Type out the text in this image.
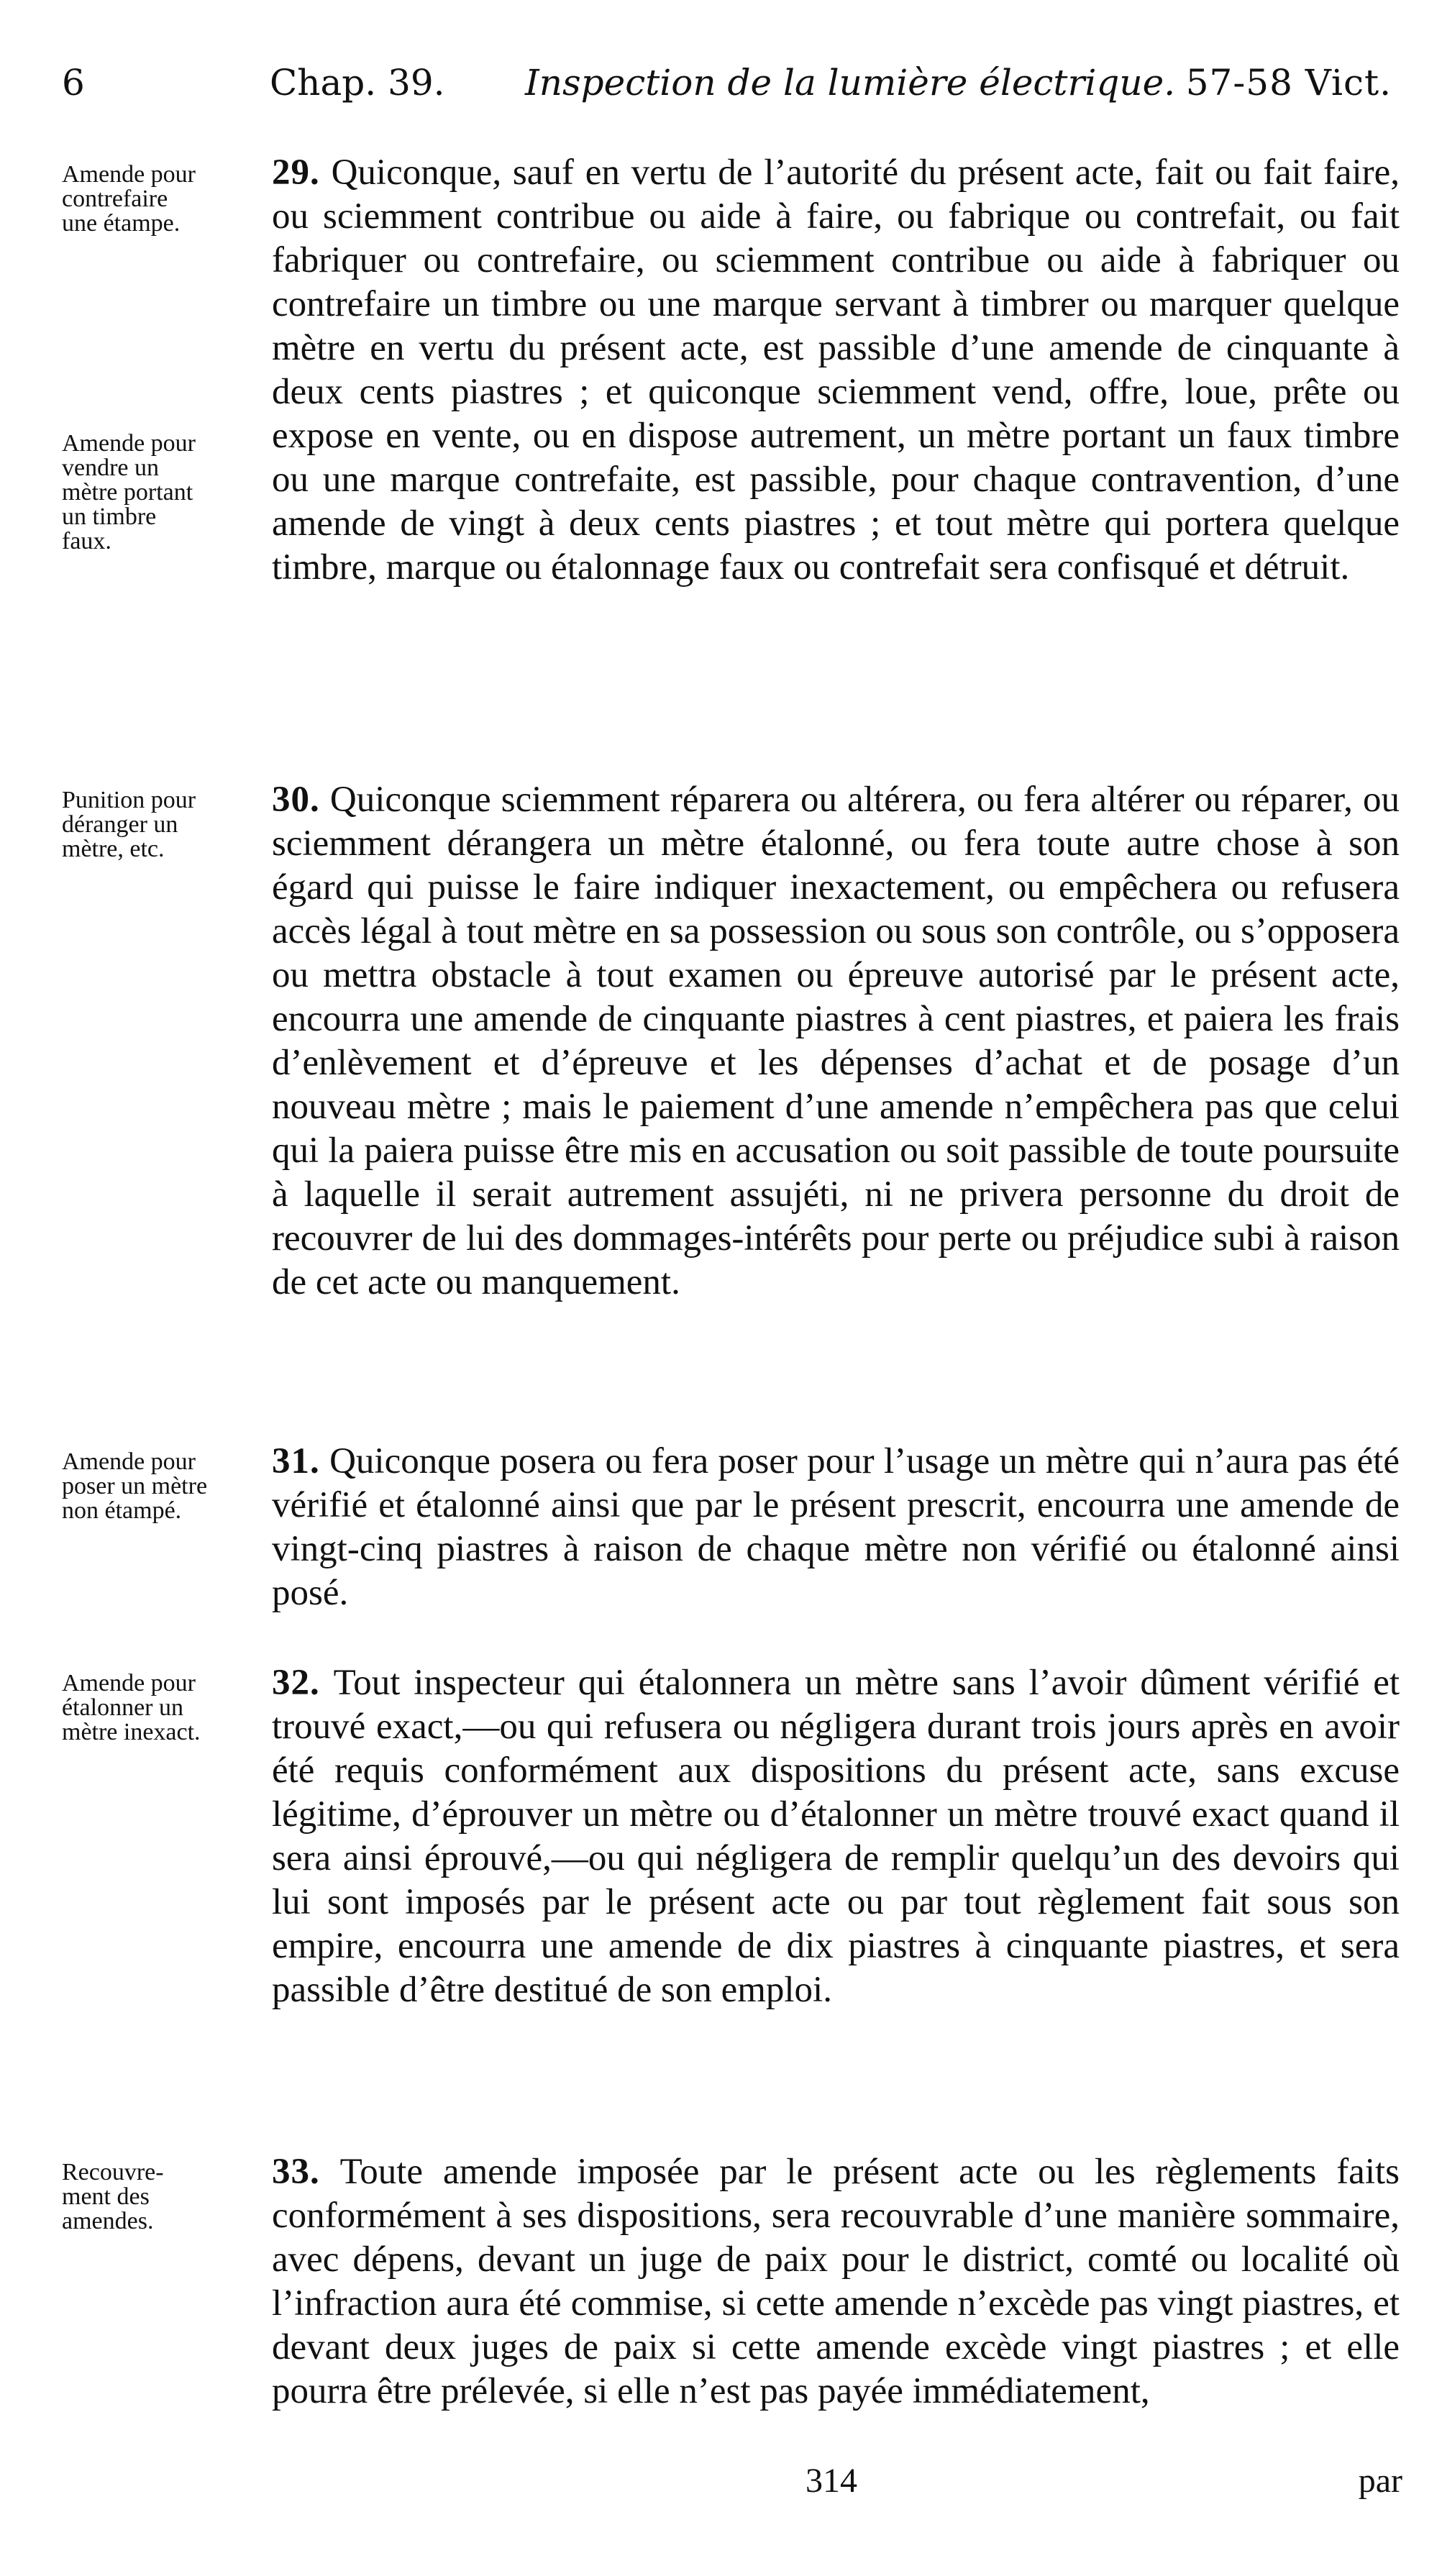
6	Chap. 39. Inspection de la lumière électrique. 57-58 Vict.
Amende pour
contrefaire
une étampe.
Amende pour
vendre un
mètre portant
un timbre
faux.
29. Quiconque, sauf en vertu de l’autorité du présent acte, fait ou fait faire, ou sciemment contribue ou aide à faire, ou fabrique ou contrefait, ou fait fabriquer ou contrefaire, ou sciemment contribue ou aide à fabriquer ou contrefaire un timbre ou une marque servant à timbrer ou marquer quelque mètre en vertu du présent acte, est passible d’une amende de cinquante à deux cents piastres ; et quiconque sciemment vend, offre, loue, prête ou expose en vente, ou en dispose autrement, un mètre portant un faux timbre ou une marque contrefaite, est passible, pour chaque contravention, d’une amende de vingt à deux cents piastres ; et tout mètre qui portera quelque timbre, marque ou étalonnage faux ou contrefait sera confisqué et détruit.
Punition pour
déranger un
mètre, etc.
30. Quiconque sciemment réparera ou altérera, ou fera altérer ou réparer, ou sciemment dérangera un mètre étalonné, ou fera toute autre chose à son égard qui puisse le faire indiquer inexactement, ou empêchera ou refusera accès légal à tout mètre en sa possession ou sous son contrôle, ou s’opposera ou mettra obstacle à tout examen ou épreuve autorisé par le présent acte, encourra une amende de cinquante piastres à cent piastres, et paiera les frais d’enlèvement et d’épreuve et les dépenses d’achat et de posage d’un nouveau mètre ; mais le paiement d’une amende n’empêchera pas que celui qui la paiera puisse être mis en accusation ou soit passible de toute poursuite à laquelle il serait autrement assujéti, ni ne privera personne du droit de recouvrer de lui des dommages-intérêts pour perte ou préjudice subi à raison de cet acte ou manquement.
Amende pour
poser un mètre
non étampé.
31. Quiconque posera ou fera poser pour l’usage un mètre qui n’aura pas été vérifié et étalonné ainsi que par le présent prescrit, encourra une amende de vingt-cinq piastres à raison de chaque mètre non vérifié ou étalonné ainsi posé.
Amende pour
étalonner un
mètre inexact.
32. Tout inspecteur qui étalonnera un mètre sans l’avoir dûment vérifié et trouvé exact,—ou qui refusera ou négligera durant trois jours après en avoir été requis conformément aux dispositions du présent acte, sans excuse légitime, d’éprouver un mètre ou d’étalonner un mètre trouvé exact quand il sera ainsi éprouvé,—ou qui négligera de remplir quelqu’un des devoirs qui lui sont imposés par le présent acte ou par tout règlement fait sous son empire, encourra une amende de dix piastres à cinquante piastres, et sera passible d’être destitué de son emploi.
Recouvre-
ment des
amendes.
33. Toute amende imposée par le présent acte ou les règlements faits conformément à ses dispositions, sera recouvrable d’une manière sommaire, avec dépens, devant un juge de paix pour le district, comté ou localité où l’infraction aura été commise, si cette amende n’excède pas vingt piastres, et devant deux juges de paix si cette amende excède vingt piastres ; et elle pourra être prélevée, si elle n’est pas payée immédiatement,
314	par
